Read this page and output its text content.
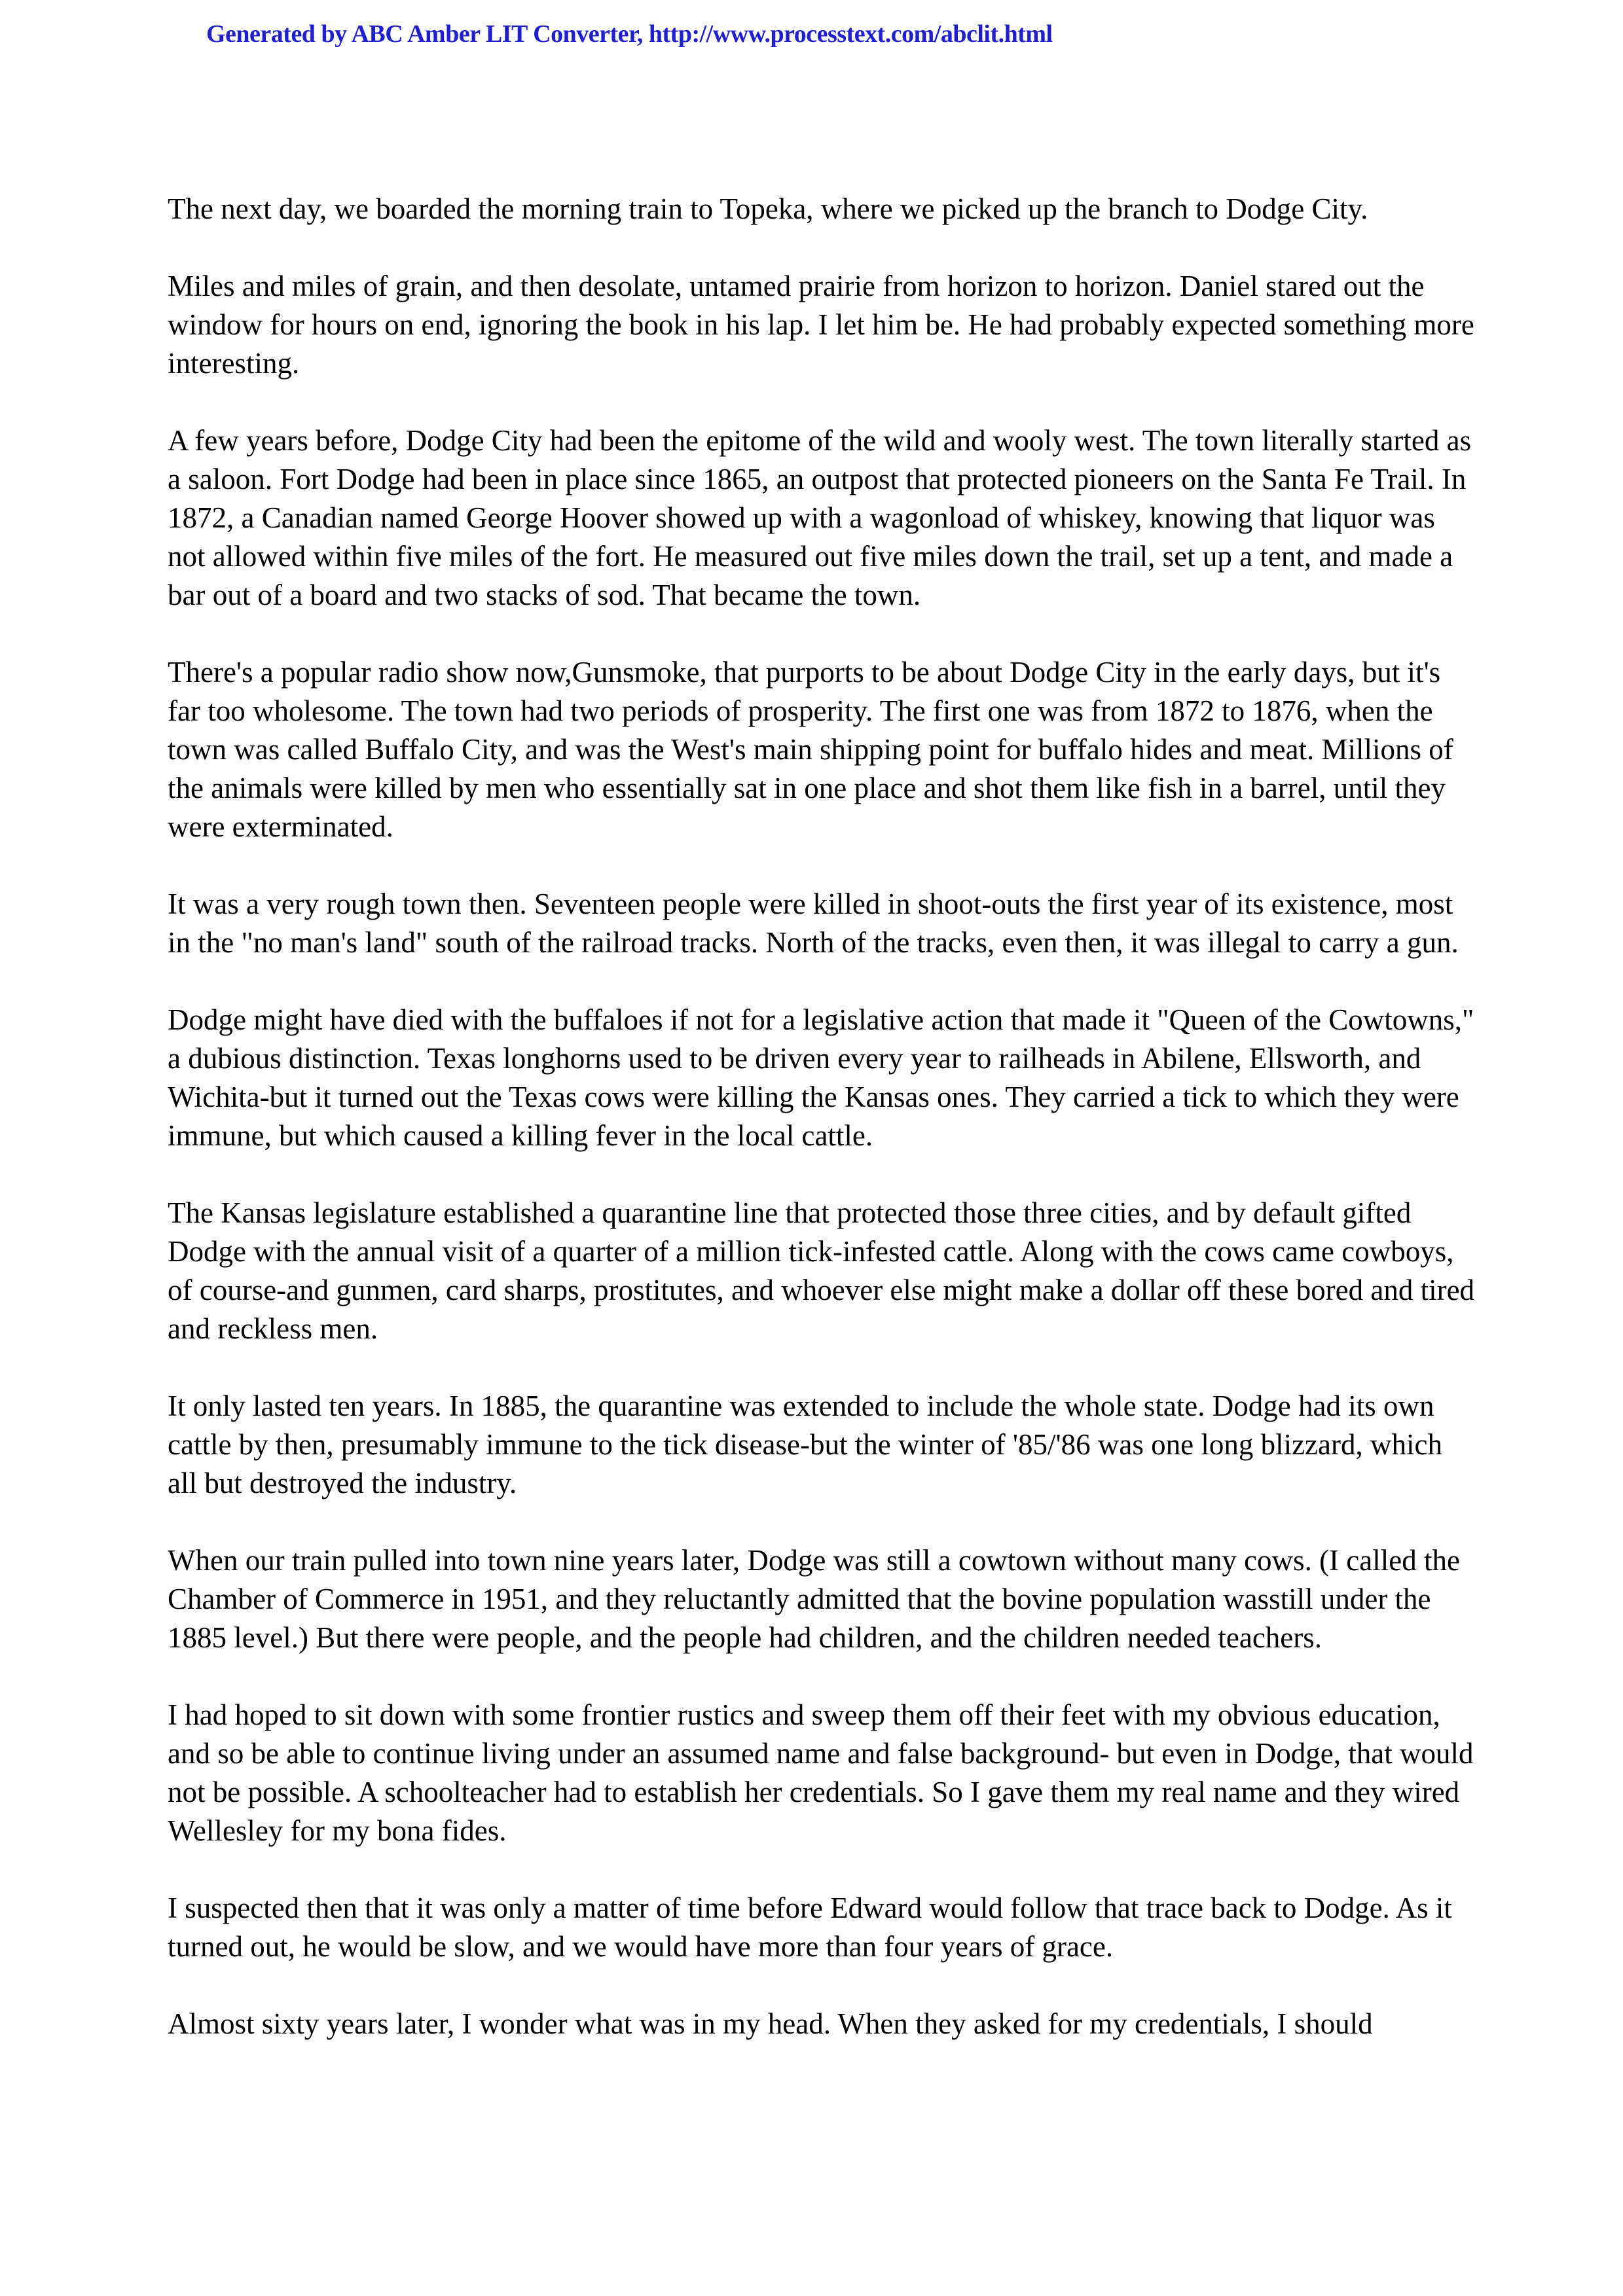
Generated by ABC Amber LIT Converter, http://www.processtext.com/abclit.html

The next day, we boarded the morning train to Topeka, where we picked up the branch to Dodge City.

Miles and miles of grain, and then desolate, untamed prairie from horizon to horizon. Daniel stared out the window for hours on end, ignoring the book in his lap. I let him be. He had probably expected something more interesting.

A few years before, Dodge City had been the epitome of the wild and wooly west. The town literally started as a saloon. Fort Dodge had been in place since 1865, an outpost that protected pioneers on the Santa Fe Trail. In 1872, a Canadian named George Hoover showed up with a wagonload of whiskey, knowing that liquor was not allowed within five miles of the fort. He measured out five miles down the trail, set up a tent, and made a bar out of a board and two stacks of sod. That became the town.

There's a popular radio show now,Gunsmoke, that purports to be about Dodge City in the early days, but it's far too wholesome. The town had two periods of prosperity. The first one was from 1872 to 1876, when the town was called Buffalo City, and was the West's main shipping point for buffalo hides and meat. Millions of the animals were killed by men who essentially sat in one place and shot them like fish in a barrel, until they were exterminated.

It was a very rough town then. Seventeen people were killed in shoot-outs the first year of its existence, most in the "no man's land" south of the railroad tracks. North of the tracks, even then, it was illegal to carry a gun.

Dodge might have died with the buffaloes if not for a legislative action that made it "Queen of the Cowtowns," a dubious distinction. Texas longhorns used to be driven every year to railheads in Abilene, Ellsworth, and Wichita-but it turned out the Texas cows were killing the Kansas ones. They carried a tick to which they were immune, but which caused a killing fever in the local cattle.

The Kansas legislature established a quarantine line that protected those three cities, and by default gifted Dodge with the annual visit of a quarter of a million tick-infested cattle. Along with the cows came cowboys, of course-and gunmen, card sharps, prostitutes, and whoever else might make a dollar off these bored and tired and reckless men.

It only lasted ten years. In 1885, the quarantine was extended to include the whole state. Dodge had its own cattle by then, presumably immune to the tick disease-but the winter of '85/'86 was one long blizzard, which all but destroyed the industry.

When our train pulled into town nine years later, Dodge was still a cowtown without many cows. (I called the Chamber of Commerce in 1951, and they reluctantly admitted that the bovine population wasstill under the 1885 level.) But there were people, and the people had children, and the children needed teachers.

I had hoped to sit down with some frontier rustics and sweep them off their feet with my obvious education, and so be able to continue living under an assumed name and false background- but even in Dodge, that would not be possible. A schoolteacher had to establish her credentials. So I gave them my real name and they wired Wellesley for my bona fides.

I suspected then that it was only a matter of time before Edward would follow that trace back to Dodge. As it turned out, he would be slow, and we would have more than four years of grace.

Almost sixty years later, I wonder what was in my head. When they asked for my credentials, I should
